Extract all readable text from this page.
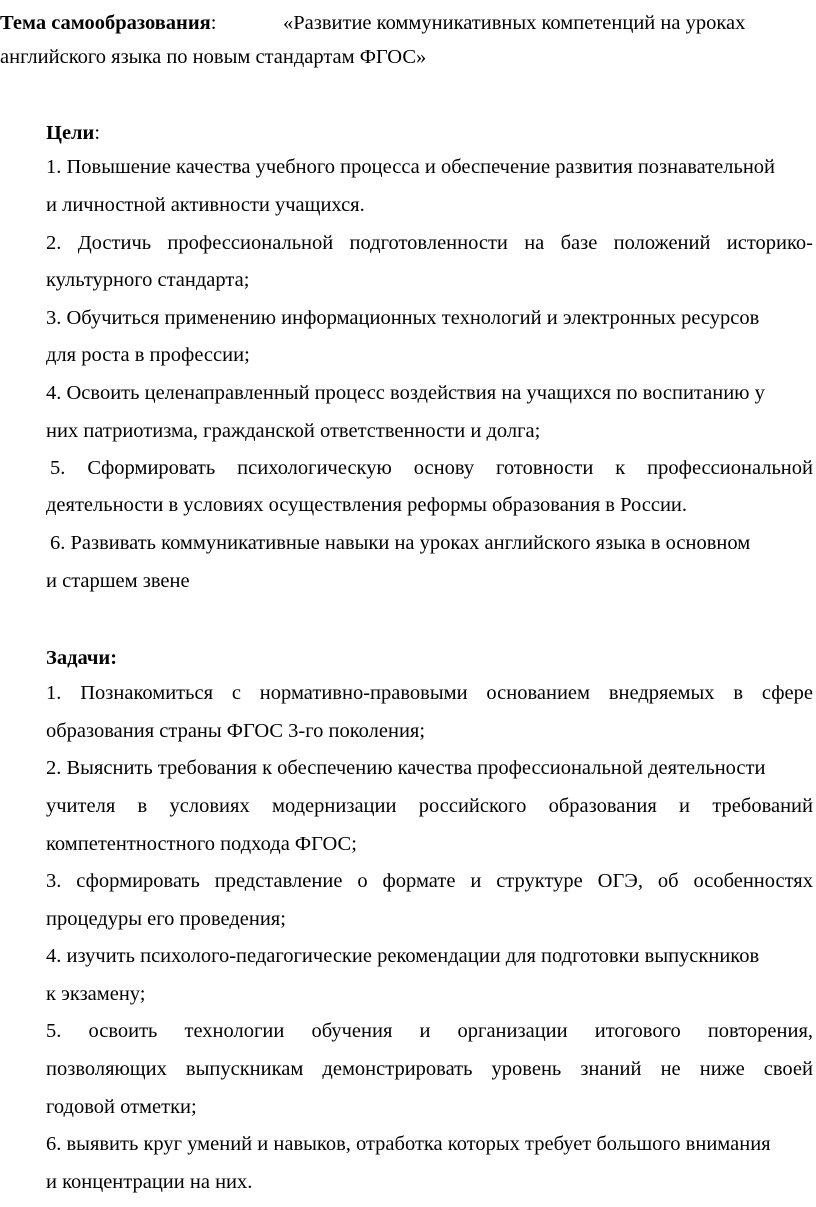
Тема самообразования:	«Развитие коммуникативных компетенций на уроках
английского языка по новым стандартам ФГОС»
Цели:
1. Повышение качества учебного процесса и обеспечение развития познавательной
и личностной активности учащихся.
2. Достичь профессиональной подготовленности на базе положений историко-
культурного стандарта;
3. Обучиться применению информационных технологий и электронных ресурсов
для роста в профессии;
4. Освоить целенаправленный процесс воздействия на учащихся по воспитанию у
них патриотизма, гражданской ответственности и долга;
5. Сформировать психологическую основу готовности к профессиональной
деятельности в условиях осуществления реформы образования в России.
6. Развивать коммуникативные навыки на уроках английского языка в основном
и старшем звене
Задачи:
1. Познакомиться с нормативно-правовыми основанием внедряемых в сфере
образования страны ФГОС 3-го поколения;
2. Выяснить требования к обеспечению качества профессиональной деятельности
учителя в условиях модернизации российского образования и требований
компетентностного подхода ФГОС;
3. сформировать представление о формате и структуре ОГЭ, об особенностях
процедуры его проведения;
4. изучить психолого-педагогические рекомендации для подготовки выпускников
к экзамену;
5. освоить технологии обучения и организации итогового повторения,
позволяющих выпускникам демонстрировать уровень знаний не ниже своей
годовой отметки;
6. выявить круг умений и навыков, отработка которых требует большого внимания
и концентрации на них.
